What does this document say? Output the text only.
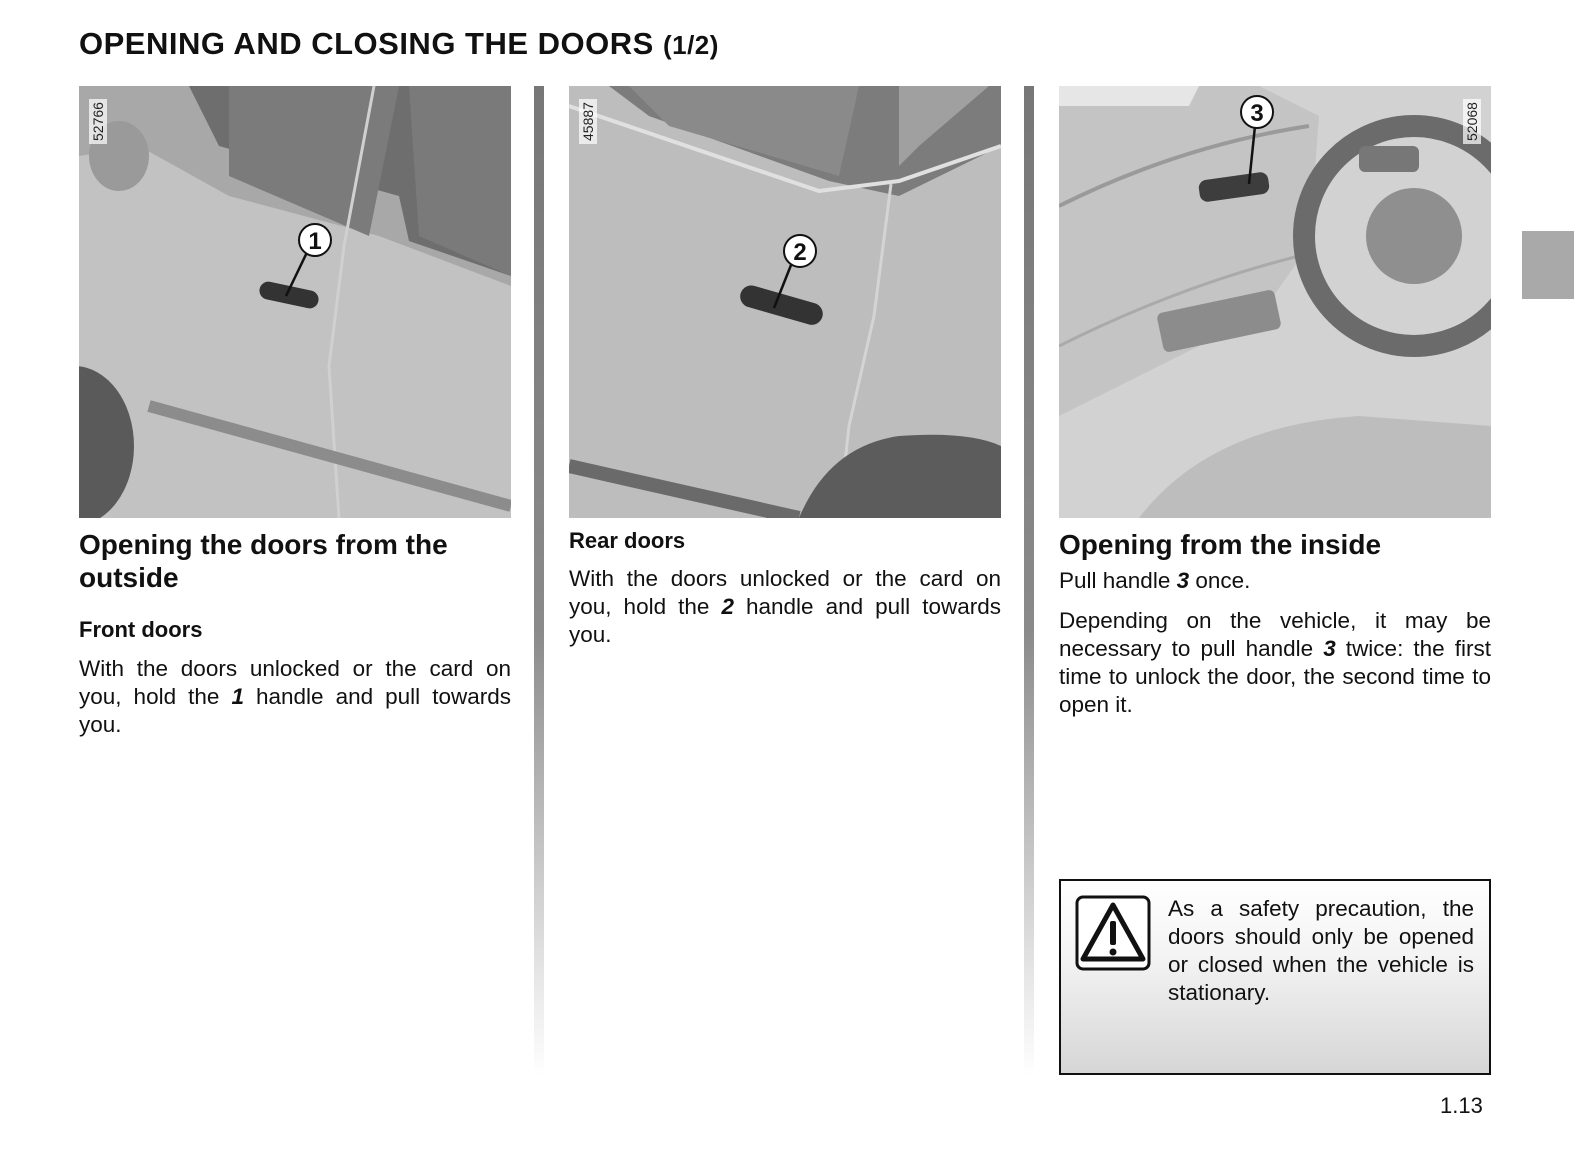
OPENING AND CLOSING THE DOORS (1/2)
1
52766

Opening the doors from the outside

Front doors

With the doors unlocked or the card on you, hold the 1 handle and pull towards you.

2
45887

Rear doors

With the doors unlocked or the card on you, hold the 2 handle and pull towards you.

3	52068

Opening from the inside

Pull handle 3 once.

Depending on the vehicle, it may be necessary to pull handle 3 twice: the first time to unlock the door, the second time to open it.

As a safety precaution, the doors should only be opened or closed when the vehicle is stationary.
1.13
